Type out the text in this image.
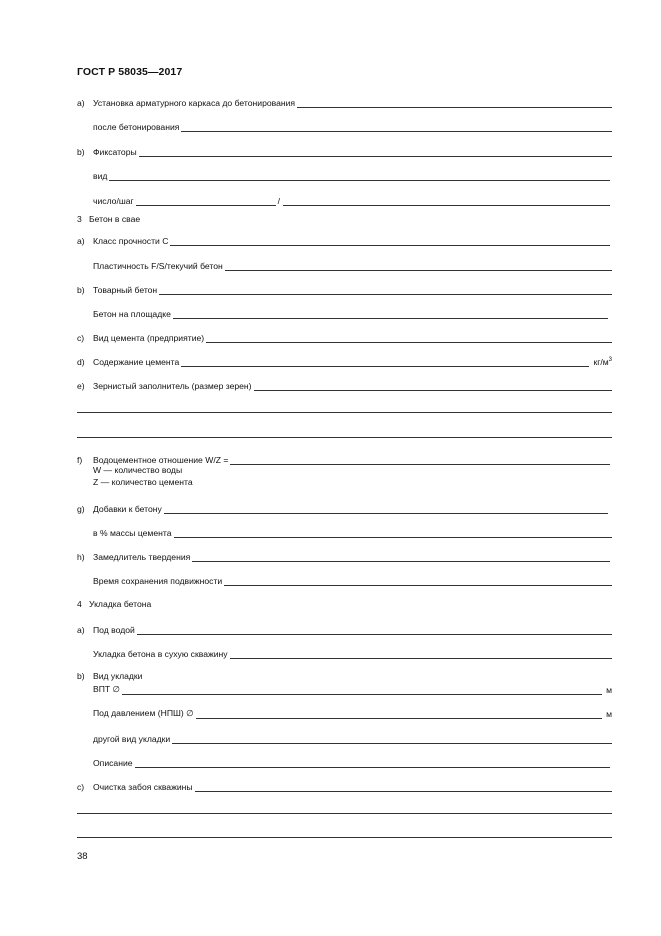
ГОСТ Р 58035—2017
a) Установка арматурного каркаса до бетонирования
после бетонирования
b) Фиксаторы
вид
число/шаг	/
3 Бетон в свае
a) Класс прочности С
Пластичность F/S/текучий бетон
b) Товарный бетон
Бетон на площадке
c)	Вид цемента (предприятие)
d) Содержание цемента	$кг/м^3$
e) Зернистый заполнитель (размер зерен)
f)	Водоцементное отношение W/Z =
W — количество воды
Z — количество цемента
g) Добавки к бетону
в % массы цемента
h) Замедлитель твердения
Время сохранения подвижности
4 Укладка бетона
a) Под водой
Укладка бетона в сухую скважину
b) Вид укладки
ВПТ ∅	м
Под давлением (НПШ) ∅	м
другой вид укладки
Описание
c)	Очистка забоя скважины
38
